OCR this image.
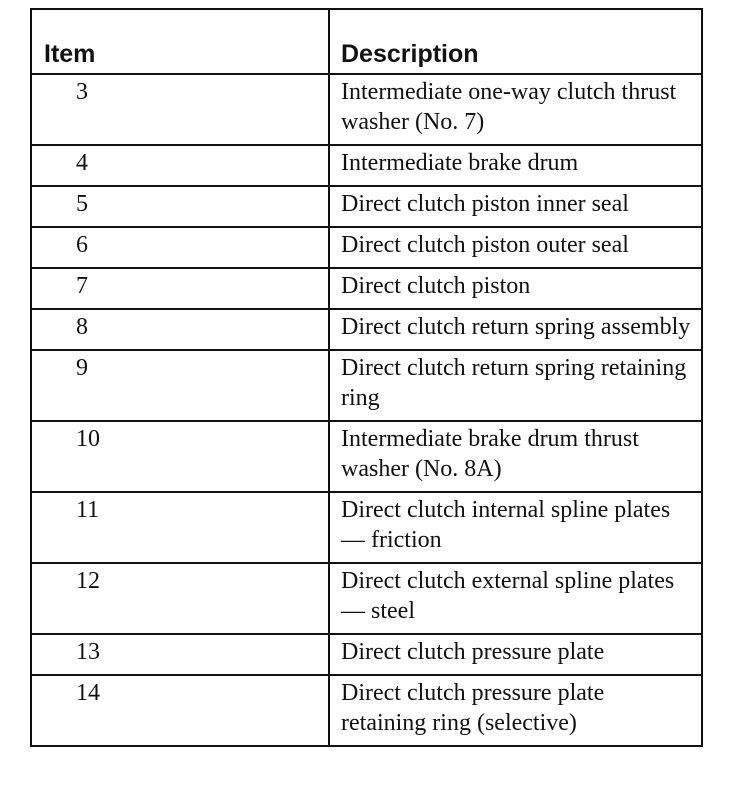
Item	Description

3	Intermediate one-way clutch thrust washer (No. 7)
4	Intermediate brake drum
5	Direct clutch piston inner seal
6	Direct clutch piston outer seal
7	Direct clutch piston
8	Direct clutch return spring assembly
9	Direct clutch return spring retaining ring
10	Intermediate brake drum thrust washer (No. 8A)
11	Direct clutch internal spline plates — friction
12	Direct clutch external spline plates — steel
13	Direct clutch pressure plate
14	Direct clutch pressure plate retaining ring (selective)
